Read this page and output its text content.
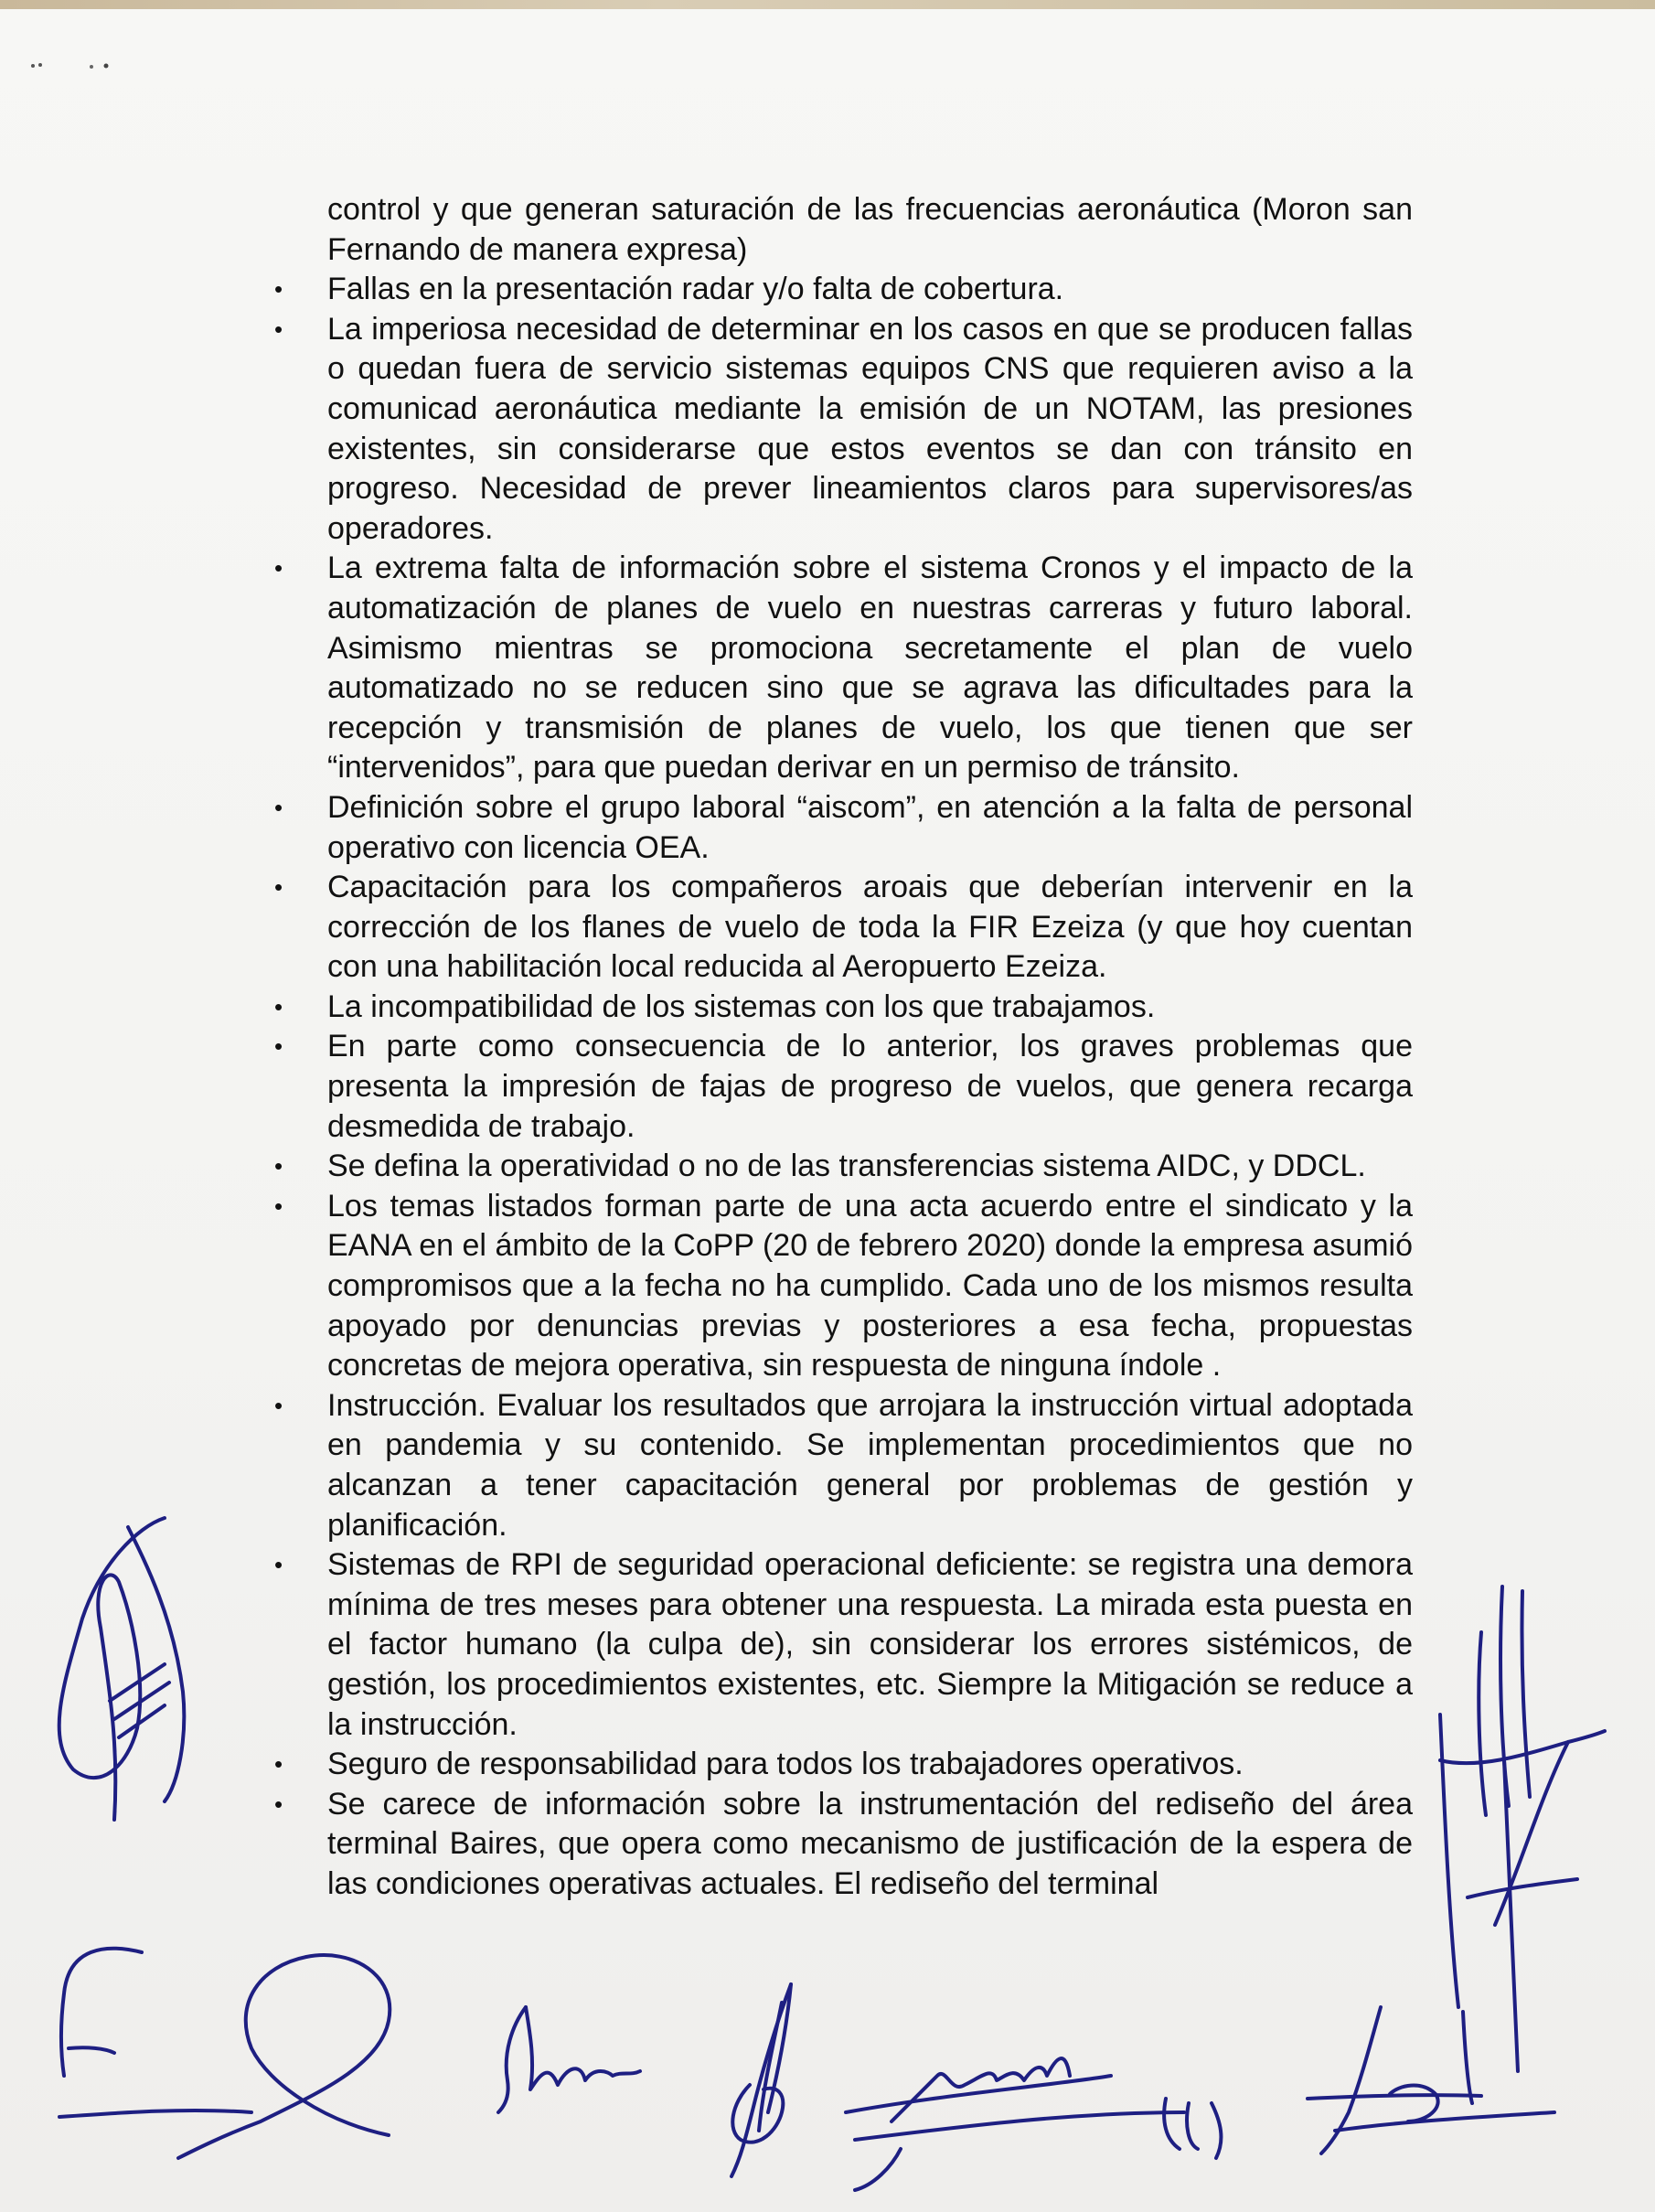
control y que generan saturación de las frecuencias aeronáutica (Moron san Fernando de manera expresa)

•	Fallas en la presentación radar y/o falta de cobertura.
•	La imperiosa necesidad de determinar en los casos en que se producen fallas o quedan fuera de servicio sistemas equipos CNS que requieren aviso a la comunicad aeronáutica mediante la emisión de un NOTAM, las presiones existentes, sin considerarse que estos eventos se dan con tránsito en progreso. Necesidad de prever lineamientos claros para supervisores/as operadores.
•	La extrema falta de información sobre el sistema Cronos y el impacto de la automatización de planes de vuelo en nuestras carreras y futuro laboral. Asimismo mientras se promociona secretamente el plan de vuelo automatizado no se reducen sino que se agrava las dificultades para la recepción y transmisión de planes de vuelo, los que tienen que ser “intervenidos”, para que puedan derivar en un permiso de tránsito.
•	Definición sobre el grupo laboral “aiscom”, en atención a la falta de personal operativo con licencia OEA.
•	Capacitación para los compañeros aroais que deberían intervenir en la corrección de los flanes de vuelo de toda la FIR Ezeiza (y que hoy cuentan con una habilitación local reducida al Aeropuerto Ezeiza.
•	La incompatibilidad de los sistemas con los que trabajamos.
•	En parte como consecuencia de lo anterior, los graves problemas que presenta la impresión de fajas de progreso de vuelos, que genera recarga desmedida de trabajo.
•	Se defina la operatividad o no de las transferencias sistema AIDC, y DDCL.
•	Los temas listados forman parte de una acta acuerdo entre el sindicato y la EANA en el ámbito de la CoPP (20 de febrero 2020) donde la empresa asumió compromisos que a la fecha no ha cumplido. Cada uno de los mismos resulta apoyado por denuncias previas y posteriores a esa fecha, propuestas concretas de mejora operativa, sin respuesta de ninguna índole .
•	Instrucción. Evaluar los resultados que arrojara la instrucción virtual adoptada en pandemia y su contenido. Se implementan procedimientos que no alcanzan a tener capacitación general por problemas de gestión y planificación.
•	Sistemas de RPI de seguridad operacional deficiente: se registra una demora mínima de tres meses para obtener una respuesta. La mirada esta puesta en el factor humano (la culpa de), sin considerar los errores sistémicos, de gestión, los procedimientos existentes, etc. Siempre la Mitigación se reduce a la instrucción.
•	Seguro de responsabilidad para todos los trabajadores operativos.
•	Se carece de información sobre la instrumentación del rediseño del área terminal Baires, que opera como mecanismo de justificación de la espera de las condiciones operativas actuales. El rediseño del terminal
